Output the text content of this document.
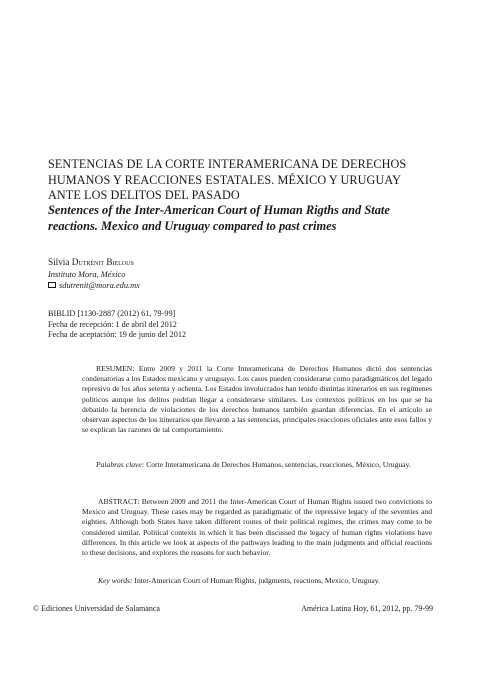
SENTENCIAS DE LA CORTE INTERAMERICANA DE DERECHOS HUMANOS Y REACCIONES ESTATALES. MÉXICO Y URUGUAY ANTE LOS DELITOS DEL PASADO
Sentences of the Inter-American Court of Human Rigths and State reactions. Mexico and Uruguay compared to past crimes
Silvia Dutrénit Bielous
Instituto Mora, México
sdutrenit@mora.edu.mx
BIBLID [1130-2887 (2012) 61, 79-99]
Fecha de recepción: 1 de abril del 2012
Fecha de aceptación: 19 de junio del 2012

RESUMEN: Entre 2009 y 2011 la Corte Interamericana de Derechos Humanos dictó dos sentencias condenatorias a los Estados mexicano y uruguayo. Los casos pueden considerarse como paradigmáticos del legado represivo de los años setenta y ochenta. Los Estados involucrados han tenido distintas itinerarios en sus regímenes políticos aunque los delitos podrían llegar a considerarse similares. Los contextos políticos en los que se ha debatido la herencia de violaciones de los derechos humanos también guardan diferencias. En el artículo se observan aspectos de los itinerarios que llevaron a las sentencias, principales reacciones oficiales ante esos fallos y se explican las razones de tal comportamiento.

Palabras clave: Corte Interamericana de Derechos Humanos, sentencias, reacciones, México, Uruguay.

ABSTRACT: Between 2009 and 2011 the Inter-American Court of Human Rights issued two convictions to Mexico and Uruguay. These cases may be regarded as paradigmatic of the repressive legacy of the seventies and eighties. Although both States have taken different routes of their political regimes, the crimes may come to be considered similar. Political contexts in which it has been discussed the legacy of human rights violations have differences. In this article we look at aspects of the pathways leading to the main judgments and official reactions to these decisions, and explores the reasons for such behavior.

Key words: Inter-American Court of Human Rights, judgments, reactions, Mexico, Uruguay.

© Ediciones Universidad de Salamanca	América Latina Hoy, 61, 2012, pp. 79-99
